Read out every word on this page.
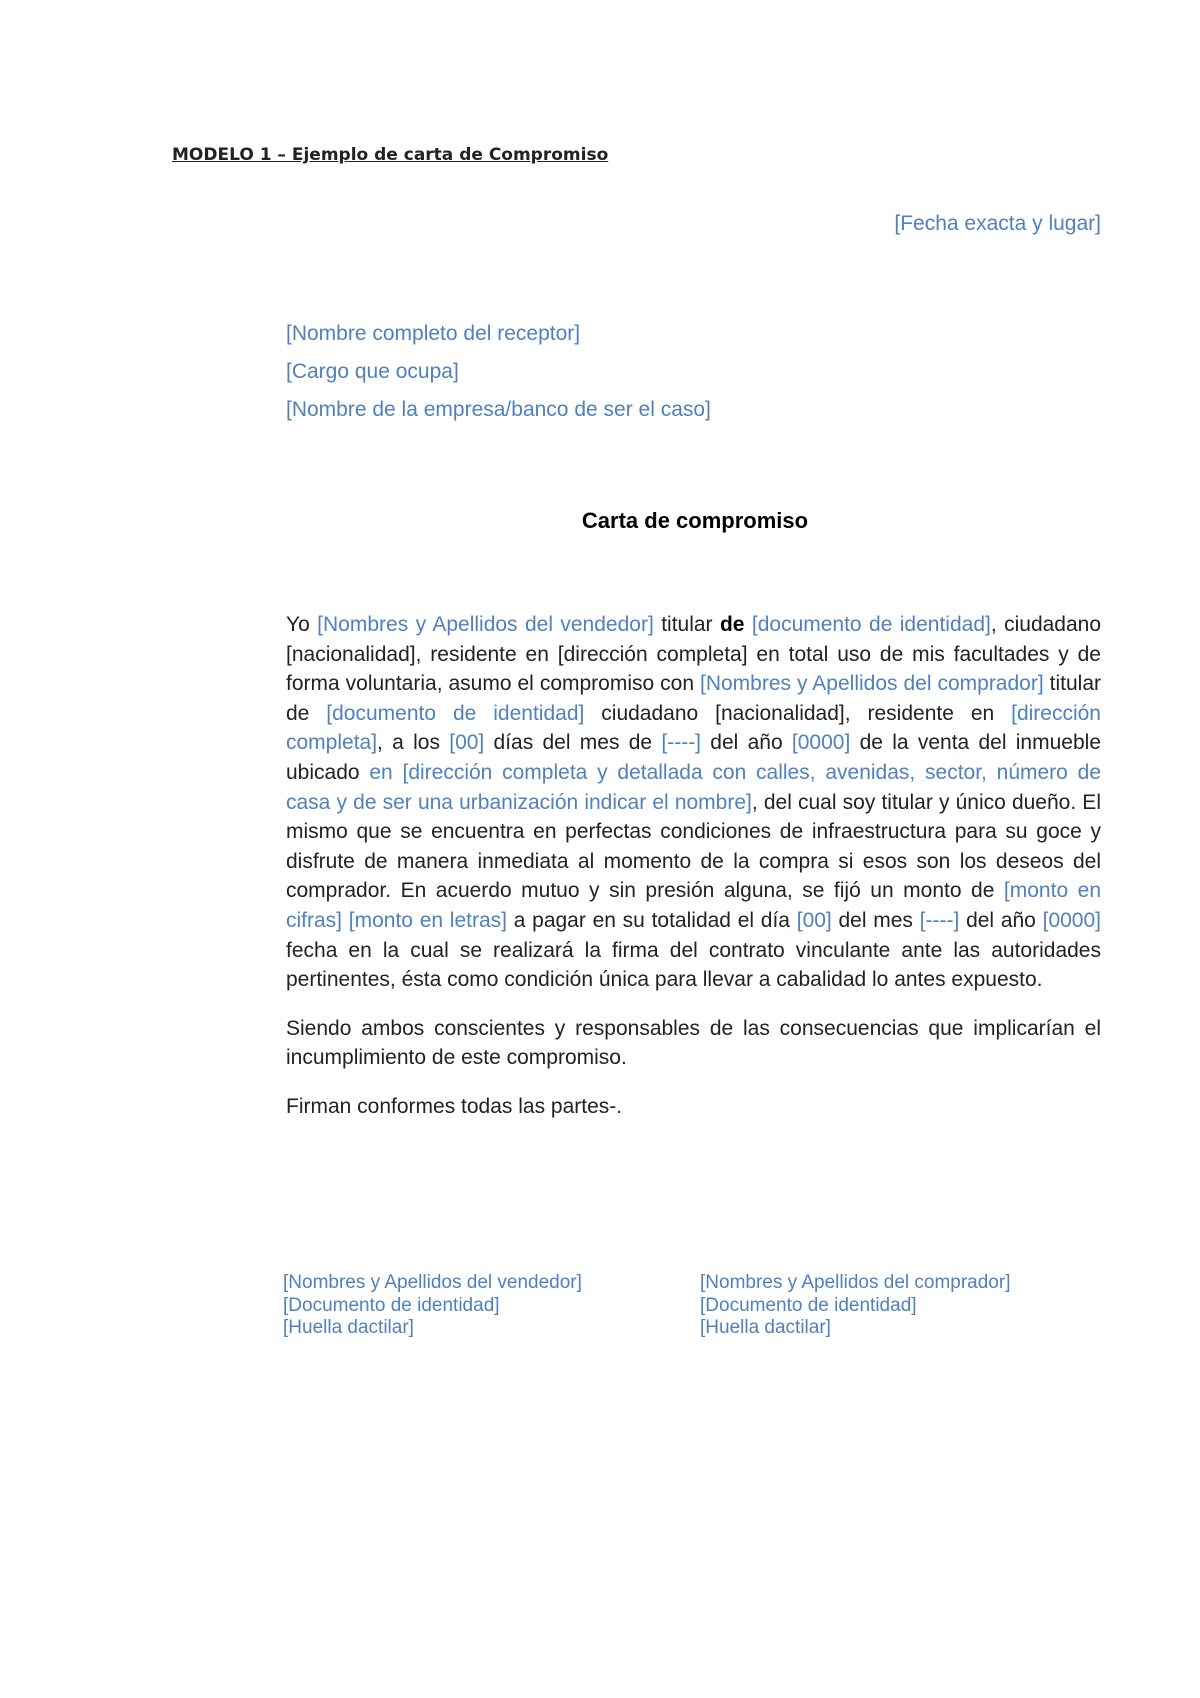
MODELO 1 – Ejemplo de carta de Compromiso
[Fecha exacta y lugar]
[Nombre completo del receptor]
[Cargo que ocupa]
[Nombre de la empresa/banco de ser el caso]
Carta de compromiso

Yo [Nombres y Apellidos del vendedor] titular de [documento de identidad], ciudadano [nacionalidad], residente en [dirección completa] en total uso de mis facultades y de forma voluntaria, asumo el compromiso con [Nombres y Apellidos del comprador] titular de [documento de identidad] ciudadano [nacionalidad], residente en [dirección completa], a los [00] días del mes de [----] del año [0000] de la venta del inmueble ubicado en [dirección completa y detallada con calles, avenidas, sector, número de casa y de ser una urbanización indicar el nombre], del cual soy titular y único dueño. El mismo que se encuentra en perfectas condiciones de infraestructura para su goce y disfrute de manera inmediata al momento de la compra si esos son los deseos del comprador. En acuerdo mutuo y sin presión alguna, se fijó un monto de [monto en cifras] [monto en letras] a pagar en su totalidad el día [00] del mes [----] del año [0000] fecha en la cual se realizará la firma del contrato vinculante ante las autoridades pertinentes, ésta como condición única para llevar a cabalidad lo antes expuesto.

Siendo ambos conscientes y responsables de las consecuencias que implicarían el incumplimiento de este compromiso.

Firman conformes todas las partes-.

[Nombres y Apellidos del vendedor]
[Documento de identidad]
[Huella dactilar]
[Nombres y Apellidos del comprador]
[Documento de identidad]
[Huella dactilar]
